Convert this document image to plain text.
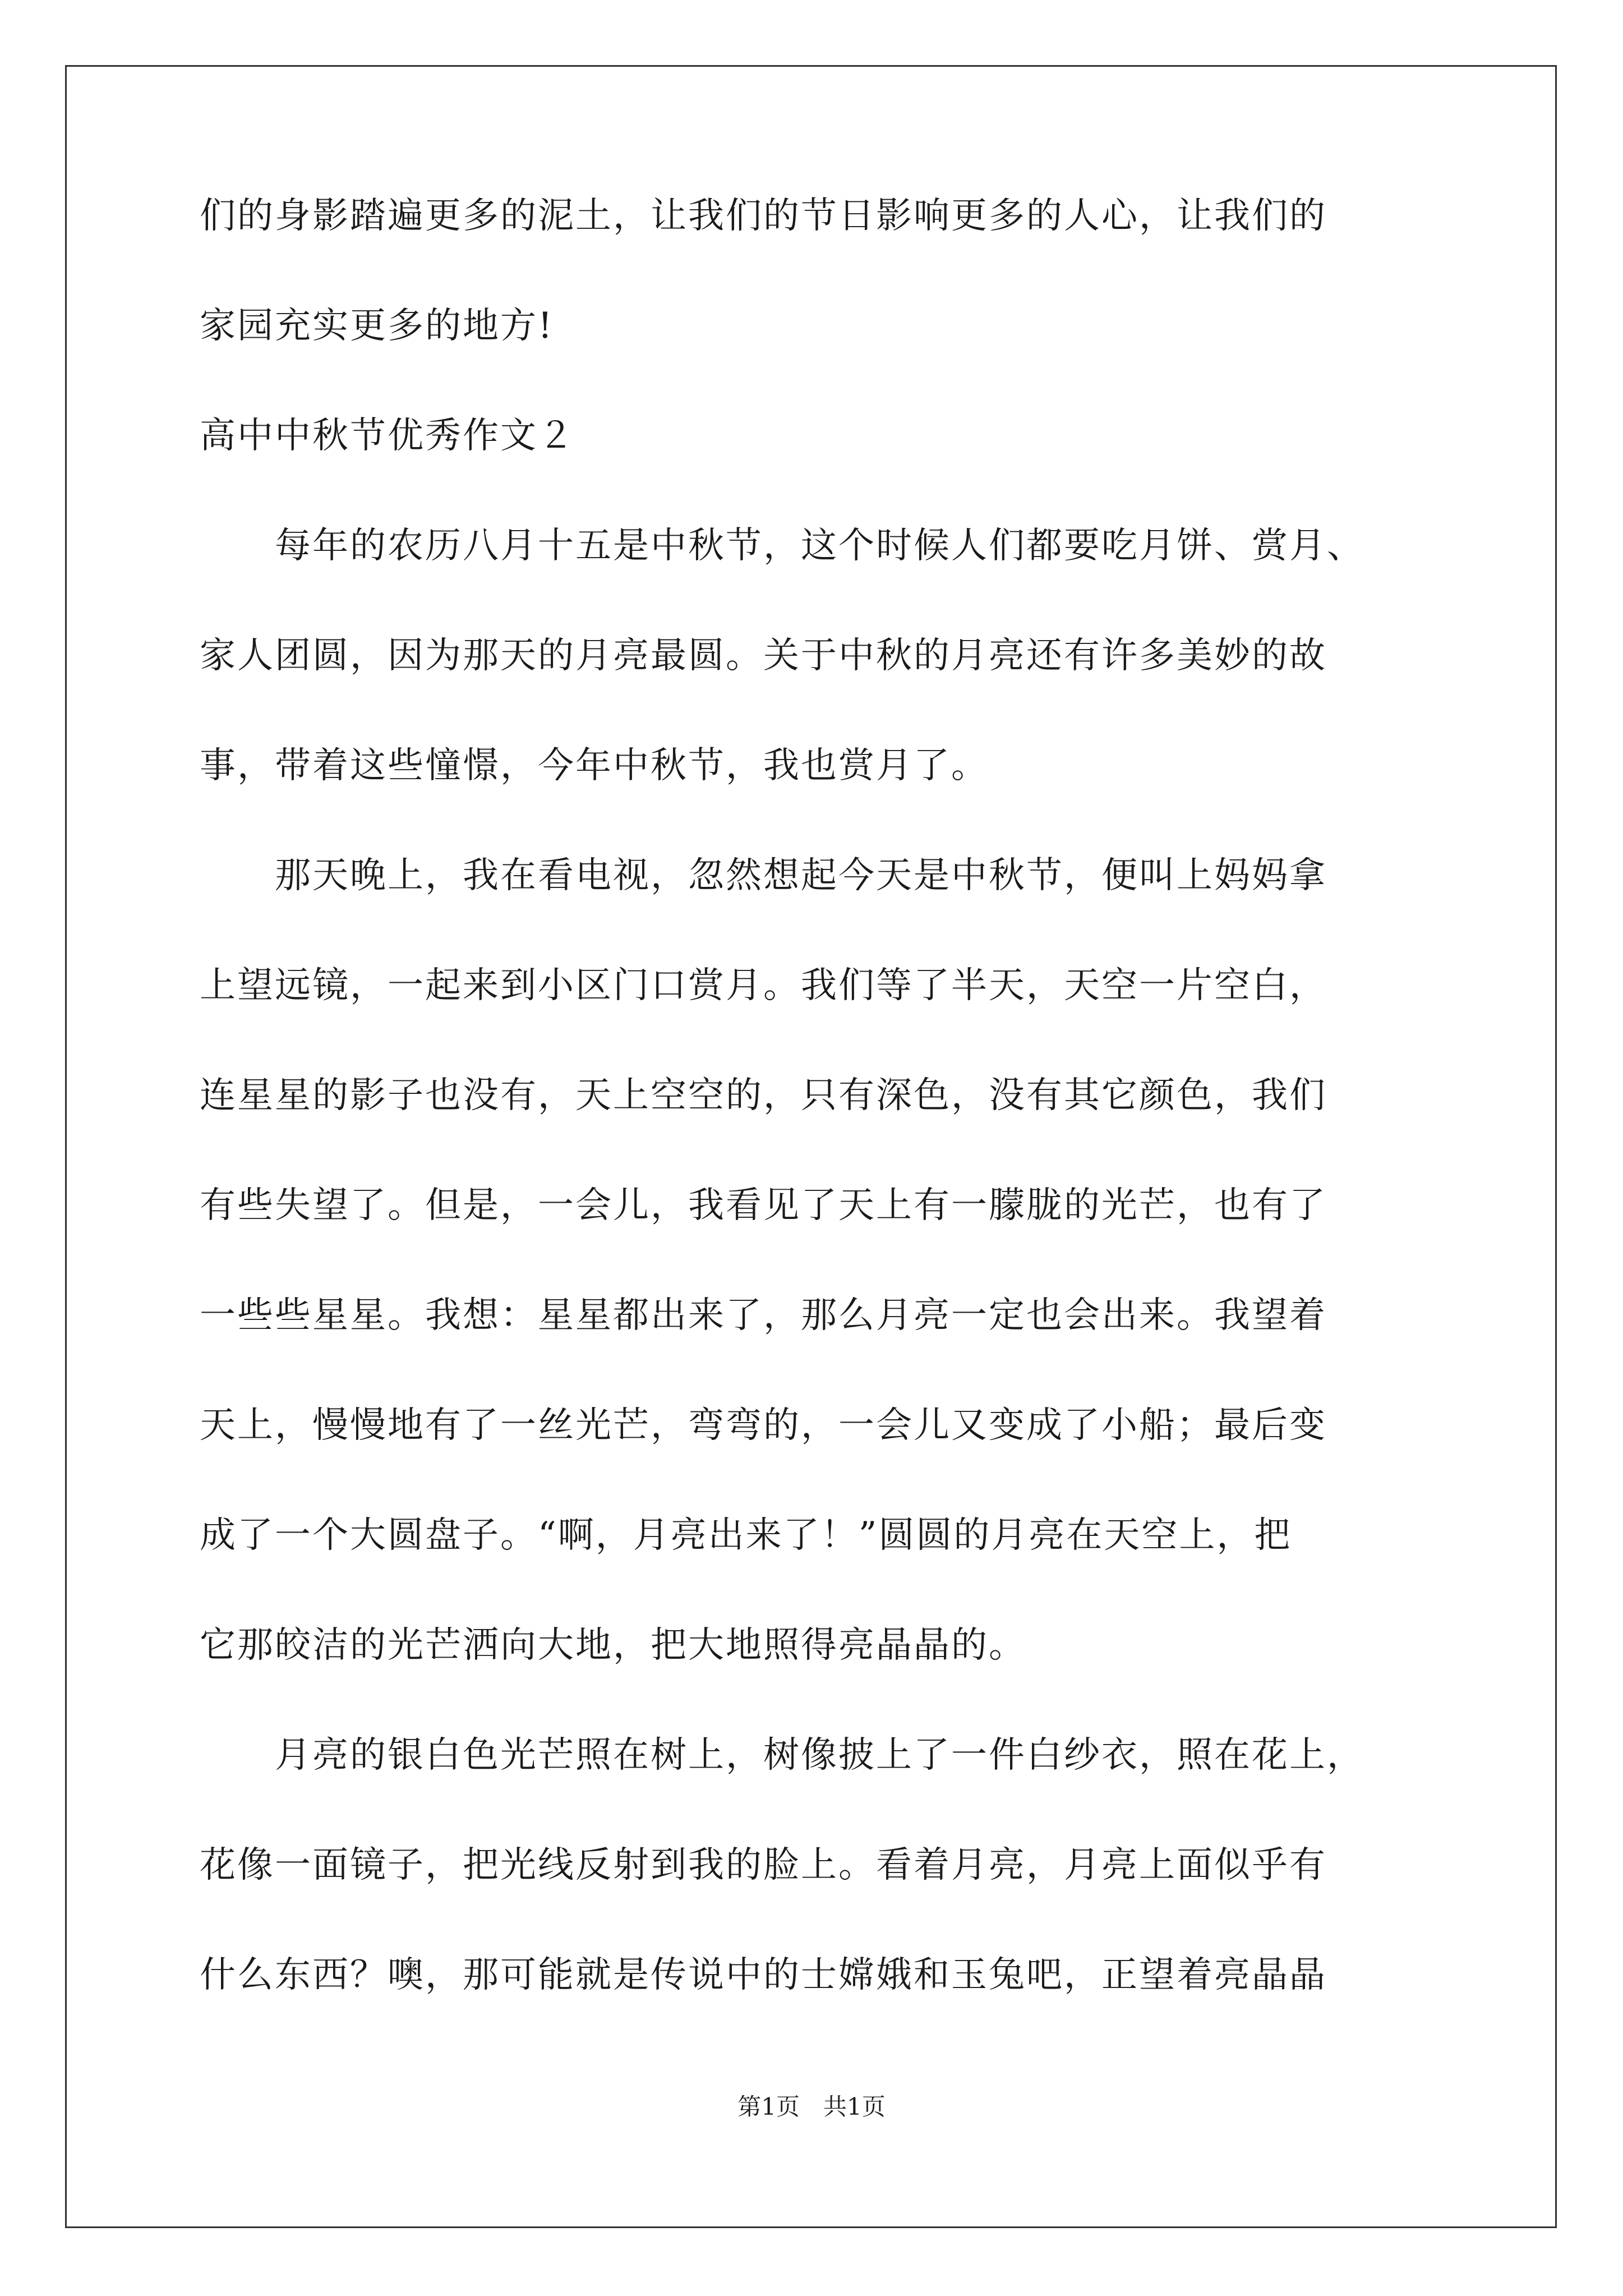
们的身影踏遍更多的泥土，让我们的节日影响更多的人心，让我们的
家园充实更多的地方!
高中中秋节优秀作文２
　　每年的农历八月十五是中秋节，这个时候人们都要吃月饼、赏月、
家人团圆，因为那天的月亮最圆。关于中秋的月亮还有许多美妙的故
事，带着这些憧憬，今年中秋节，我也赏月了。
　　那天晚上，我在看电视，忽然想起今天是中秋节，便叫上妈妈拿
上望远镜，一起来到小区门口赏月。我们等了半天，天空一片空白，
连星星的影子也没有，天上空空的，只有深色，没有其它颜色，我们
有些失望了。但是，一会儿，我看见了天上有一朦胧的光芒，也有了
一些些星星。我想：星星都出来了，那么月亮一定也会出来。我望着
天上，慢慢地有了一丝光芒，弯弯的，一会儿又变成了小船；最后变
成了一个大圆盘子。“啊，月亮出来了！”圆圆的月亮在天空上，把
它那皎洁的光芒洒向大地，把大地照得亮晶晶的。
　　月亮的银白色光芒照在树上，树像披上了一件白纱衣，照在花上，
花像一面镜子，把光线反射到我的脸上。看着月亮，月亮上面似乎有
什么东西？噢，那可能就是传说中的士嫦娥和玉兔吧，正望着亮晶晶
第1页　共1页
